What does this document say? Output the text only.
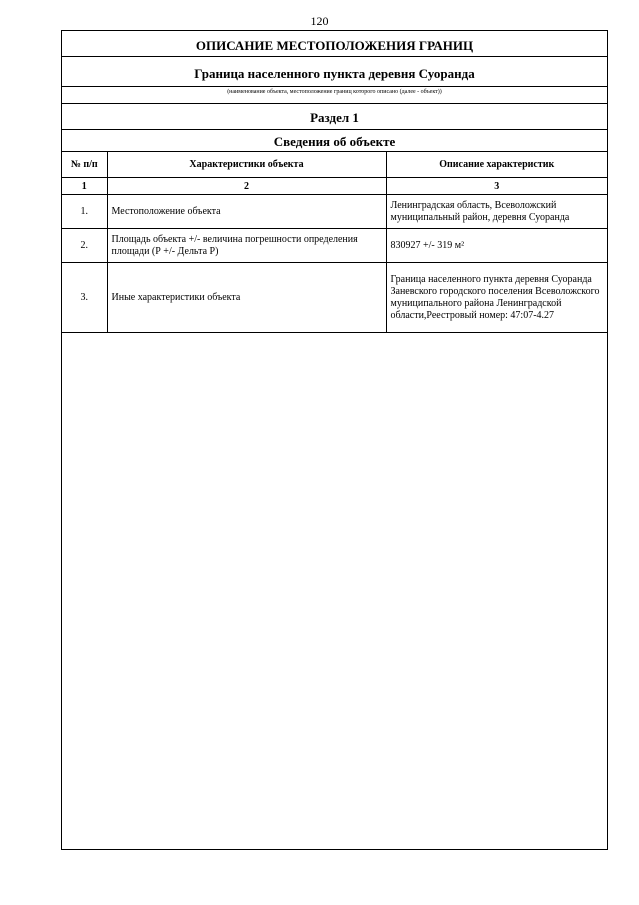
120
ОПИСАНИЕ МЕСТОПОЛОЖЕНИЯ ГРАНИЦ
Граница населенного пункта деревня Суоранда
(наименование объекта, местоположение границ которого описано (далее - объект))
Раздел 1
Сведения об объекте
№ п/п	Характеристики объекта	Описание характеристик
1	2	3
1.	Местоположение объекта	Ленинградская область, Всеволожский муниципальный район, деревня Суоранда
2.	Площадь объекта +/- величина погрешности определения площади (Р +/- Дельта Р)	830927 +/- 319 м²
3.	Иные характеристики объекта	Граница населенного пункта деревня Суоранда Заневского городского поселения Всеволожского муниципального района Ленинградской области,Реестровый номер: 47:07-4.27
